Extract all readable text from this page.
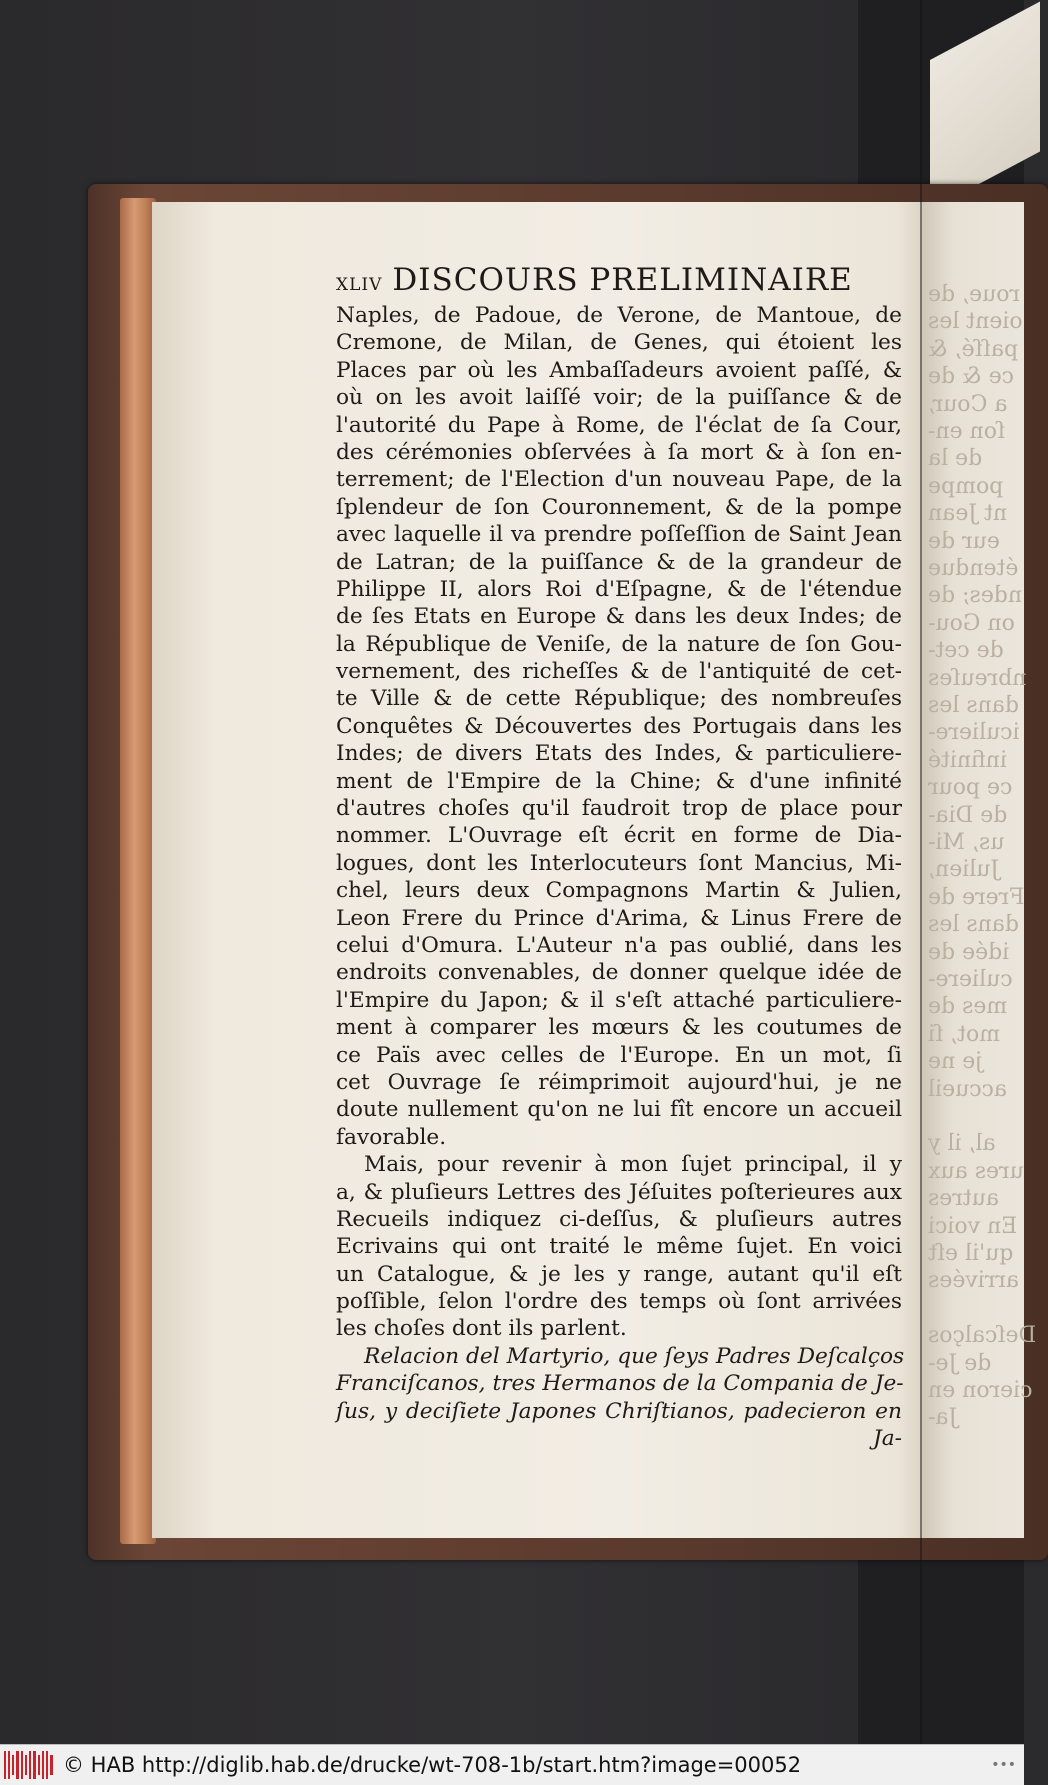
roue, de
oient les
paſſé, &
ce & de
a Cour,
ſon en-
de la
pompe
nt Jean
eur de
étendue
ndes; de
on Gou-
de cet-
nbreuſes
dans les
iculiere-
infinité
ce pour
de Dia-
us, Mi-
Julien,
Frere de
dans les
idée de
culiere-
mes de
mot, ſi
je ne
accueil
al, il y
ures aux
autres
En voici
qu'il eſt
arrivées
Deſcalços
de Je-
cieron en
Ja-
xliv DISCOURS PRELIMINAIRE
Naples, de Padoue, de Verone, de Mantoue, de
Cremone, de Milan, de Genes, qui étoient les
Places par où les Ambaſſadeurs avoient paſſé, &
où on les avoit laiſſé voir; de la puiſſance & de
l'autorité du Pape à Rome, de l'éclat de ſa Cour,
des cérémonies obſervées à ſa mort & à ſon en-
terrement; de l'Election d'un nouveau Pape, de la
ſplendeur de ſon Couronnement, & de la pompe
avec laquelle il va prendre poſſeſſion de Saint Jean
de Latran; de la puiſſance & de la grandeur de
Philippe II, alors Roi d'Eſpagne, & de l'étendue
de ſes Etats en Europe & dans les deux Indes; de
la République de Veniſe, de la nature de ſon Gou-
vernement, des richeſſes & de l'antiquité de cet-
te Ville & de cette République; des nombreuſes
Conquêtes & Découvertes des Portugais dans les
Indes; de divers Etats des Indes, & particuliere-
ment de l'Empire de la Chine; & d'une infinité
d'autres choſes qu'il faudroit trop de place pour
nommer. L'Ouvrage eſt écrit en forme de Dia-
logues, dont les Interlocuteurs ſont Mancius, Mi-
chel, leurs deux Compagnons Martin & Julien,
Leon Frere du Prince d'Arima, & Linus Frere de
celui d'Omura. L'Auteur n'a pas oublié, dans les
endroits convenables, de donner quelque idée de
l'Empire du Japon; & il s'eſt attaché particuliere-
ment à comparer les mœurs & les coutumes de
ce Païs avec celles de l'Europe. En un mot, ſi
cet Ouvrage ſe réimprimoit aujourd'hui, je ne
doute nullement qu'on ne lui fît encore un accueil
favorable.
Mais, pour revenir à mon ſujet principal, il y
a, & pluſieurs Lettres des Jéſuites poſterieures aux
Recueils indiquez ci-deſſus, & pluſieurs autres
Ecrivains qui ont traité le même ſujet. En voici
un Catalogue, & je les y range, autant qu'il eſt
poſſible, ſelon l'ordre des temps où ſont arrivées
les choſes dont ils parlent.
Relacion del Martyrio, que ſeys Padres Deſcalços
Franciſcanos, tres Hermanos de la Compania de Je-
ſus, y deciſiete Japones Chriſtianos, padecieron en
Ja-
© HAB http://diglib.hab.de/drucke/wt-708-1b/start.htm?image=00052	•••
